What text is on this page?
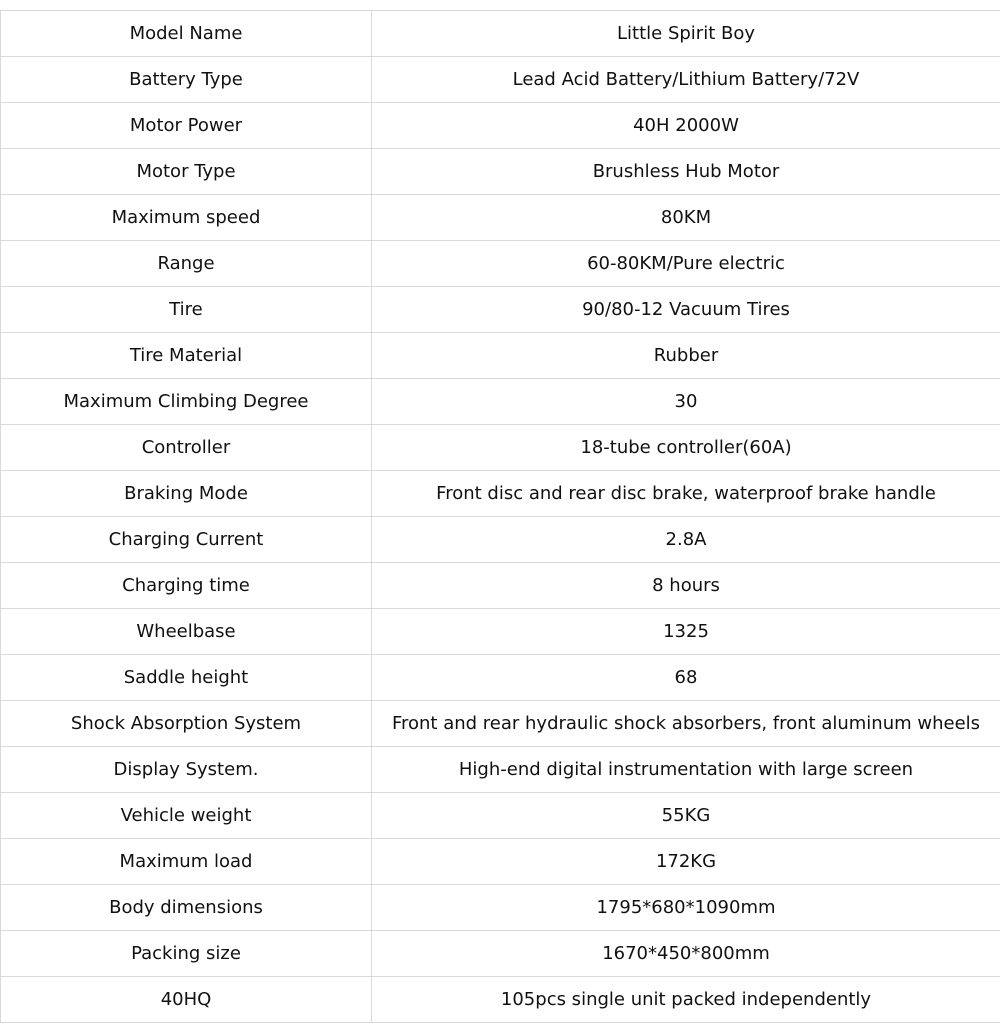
Model Name	Little Spirit Boy
Battery Type	Lead Acid Battery/Lithium Battery/72V
Motor Power	40H 2000W
Motor Type	Brushless Hub Motor
Maximum speed	80KM
Range	60-80KM/Pure electric
Tire	90/80-12 Vacuum Tires
Tire Material	Rubber
Maximum Climbing Degree	30
Controller	18-tube controller(60A)
Braking Mode	Front disc and rear disc brake, waterproof brake handle
Charging Current	2.8A
Charging time	8 hours
Wheelbase	1325
Saddle height	68
Shock Absorption System	Front and rear hydraulic shock absorbers, front aluminum wheels
Display System.	High-end digital instrumentation with large screen
Vehicle weight	55KG
Maximum load	172KG
Body dimensions	1795*680*1090mm
Packing size	1670*450*800mm
40HQ	105pcs single unit packed independently
